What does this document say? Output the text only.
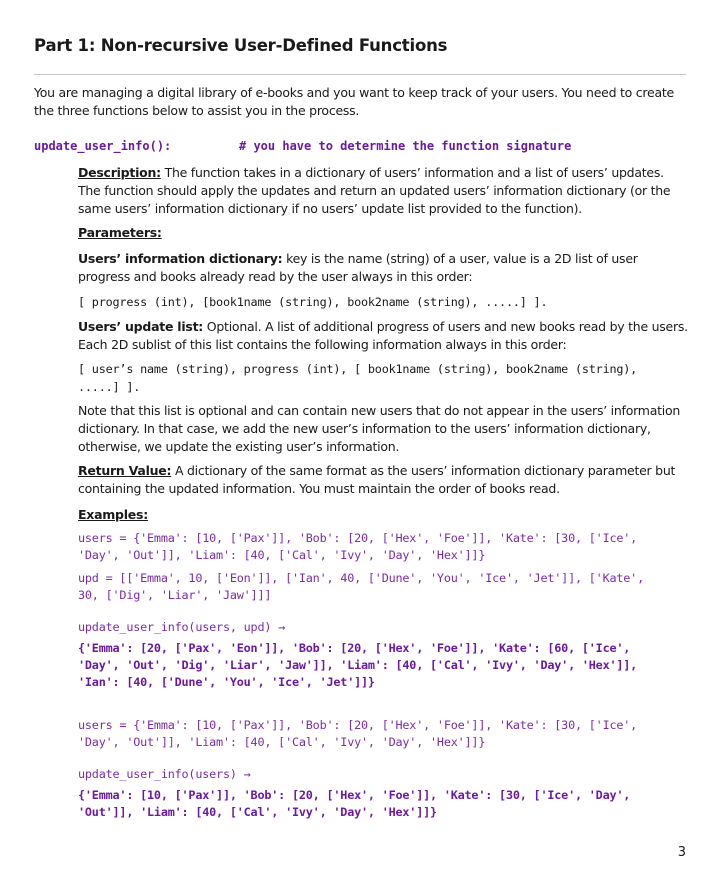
Part 1: Non-recursive User-Defined Functions

You are managing a digital library of e-books and you want to keep track of your users. You need to create the three functions below to assist you in the process.

update_user_info():	# you have to determine the function signature

Description: The function takes in a dictionary of users’ information and a list of users’ updates. The function should apply the updates and return an updated users’ information dictionary (or the same users’ information dictionary if no users’ update list provided to the function).

Parameters:

Users’ information dictionary: key is the name (string) of a user, value is a 2D list of user progress and books already read by the user always in this order:

[ progress (int), [book1name (string), book2name (string), .....] ].

Users’ update list: Optional. A list of additional progress of users and new books read by the users. Each 2D sublist of this list contains the following information always in this order:

[ user’s name (string), progress (int), [ book1name (string), book2name (string),

.....] ].

Note that this list is optional and can contain new users that do not appear in the users’ information dictionary. In that case, we add the new user’s information to the users’ information dictionary, otherwise, we update the existing user’s information.

Return Value: A dictionary of the same format as the users’ information dictionary parameter but containing the updated information. You must maintain the order of books read.

Examples:

users = {'Emma': [10, ['Pax']], 'Bob': [20, ['Hex', 'Foe']], 'Kate': [30, ['Ice',

'Day', 'Out']], 'Liam': [40, ['Cal', 'Ivy', 'Day', 'Hex']]}

upd = [['Emma', 10, ['Eon']], ['Ian', 40, ['Dune', 'You', 'Ice', 'Jet']], ['Kate',

30, ['Dig', 'Liar', 'Jaw']]]

update_user_info(users, upd) →

{'Emma': [20, ['Pax', 'Eon']], 'Bob': [20, ['Hex', 'Foe']], 'Kate': [60, ['Ice',

'Day', 'Out', 'Dig', 'Liar', 'Jaw']], 'Liam': [40, ['Cal', 'Ivy', 'Day', 'Hex']],

'Ian': [40, ['Dune', 'You', 'Ice', 'Jet']]}

users = {'Emma': [10, ['Pax']], 'Bob': [20, ['Hex', 'Foe']], 'Kate': [30, ['Ice',

'Day', 'Out']], 'Liam': [40, ['Cal', 'Ivy', 'Day', 'Hex']]}

update_user_info(users) →

{'Emma': [10, ['Pax']], 'Bob': [20, ['Hex', 'Foe']], 'Kate': [30, ['Ice', 'Day',

'Out']], 'Liam': [40, ['Cal', 'Ivy', 'Day', 'Hex']]}

3
